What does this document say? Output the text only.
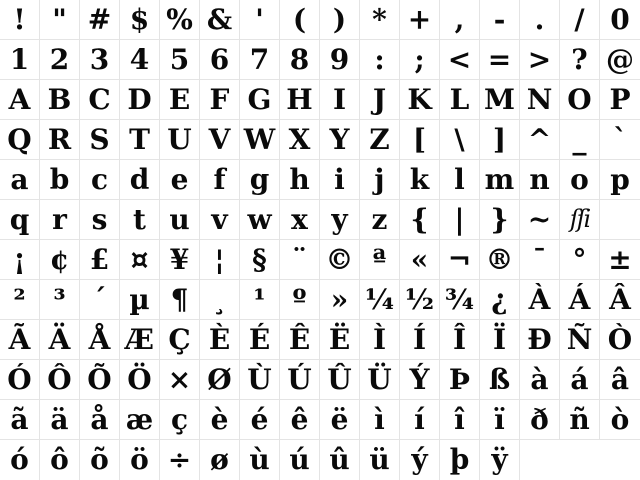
! " # $ % & '	( ) * + ,	-	.	/ 0
1 2 3 4 5 6 7 8 9 :	; < = > ? @
A B C D E F G H I J K L M N O P
Q R S T U V W X Y Z [	\	] ^ _ `
a b c d e f g h i	j k l m n o p
q r s t u v w x y z { | } ~ ſſi
¡ ¢ £ ¤ ¥ ¦ § ¨ © ª « ¬ ® ¯ ° ±
² ³ ´ µ ¶ ¸ ¹ º » ¼ ½ ¾ ¿ À Á Â
Ã Ä Å Æ Ç È É Ê Ë Ì Í Î Ï Ð Ñ Ò
Ó Ô Õ Ö × Ø Ù Ú Û Ü Ý Þ ß à á â
ã ä å æ ç è é ê ë ì	í	î	ï ð ñ ò
ó ô õ ö ÷ ø ù ú û ü ý þ ÿ
